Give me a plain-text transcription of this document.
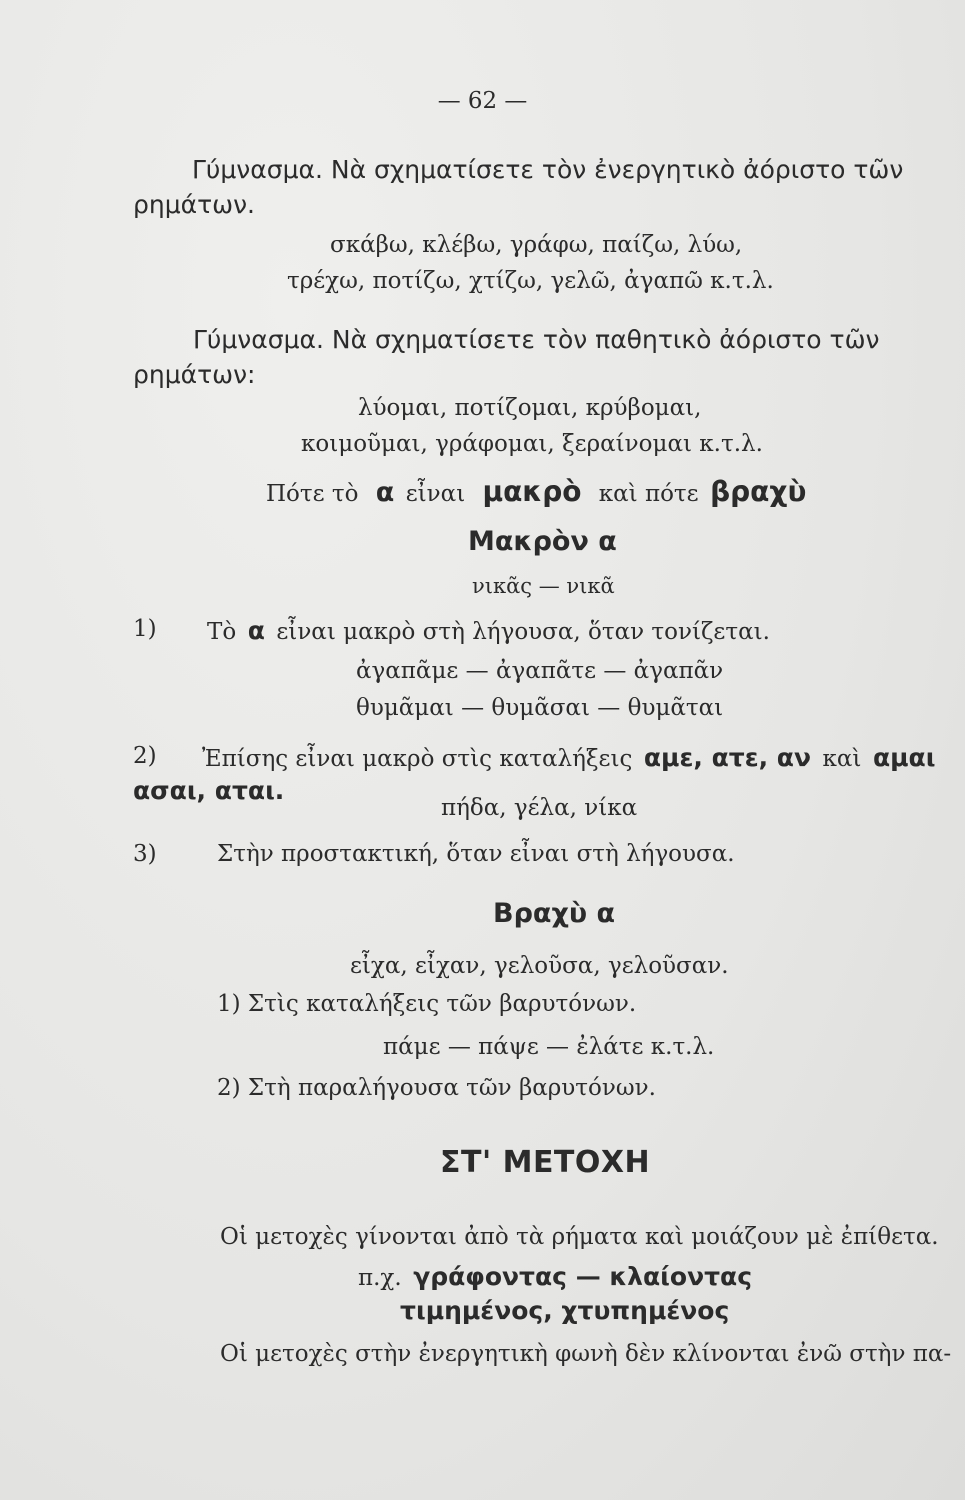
— 62 —
Γύμνασμα. Νὰ σχηματίσετε τὸν ἐνεργητικὸ ἀόριστο τῶν
ρημάτων.
σκάβω, κλέβω, γράφω, παίζω, λύω,
τρέχω, ποτίζω, χτίζω, γελῶ, ἀγαπῶ κ.τ.λ.
Γύμνασμα. Νὰ σχηματίσετε τὸν παθητικὸ ἀόριστο τῶν
ρημάτων:
λύομαι, ποτίζομαι, κρύβομαι,
κοιμοῦμαι, γράφομαι, ξεραίνομαι κ.τ.λ.
Πότε τὸ α εἶναι μακρὸ καὶ πότε βραχὺ
Μακρὸν α
νικᾶς — νικᾶ
1) Τὸ α εἶναι μακρὸ στὴ λήγουσα, ὅταν τονίζεται.
ἀγαπᾶμε — ἀγαπᾶτε — ἀγαπᾶν
θυμᾶμαι — θυμᾶσαι — θυμᾶται
2) Ἐπίσης εἶναι μακρὸ στὶς καταλήξεις αμε, ατε, αν καὶ αμαι
ασαι, αται.
πήδα, γέλα, νίκα
3)	Στὴν προστακτική, ὅταν εἶναι στὴ λήγουσα.
Βραχὺ α
εἶχα, εἶχαν, γελοῦσα, γελοῦσαν.
1) Στὶς καταλήξεις τῶν βαρυτόνων.
πάμε — πάψε — ἐλάτε κ.τ.λ.
2) Στὴ παραλήγουσα τῶν βαρυτόνων.
ΣΤ' ΜΕΤΟΧΗ
Οἱ μετοχὲς γίνονται ἀπὸ τὰ ρήματα καὶ μοιάζουν μὲ ἐπίθετα.
π.χ. γράφοντας — κλαίοντας
τιμημένος, χτυπημένος
Οἱ μετοχὲς στὴν ἐνεργητικὴ φωνὴ δὲν κλίνονται ἐνῶ στὴν πα-
